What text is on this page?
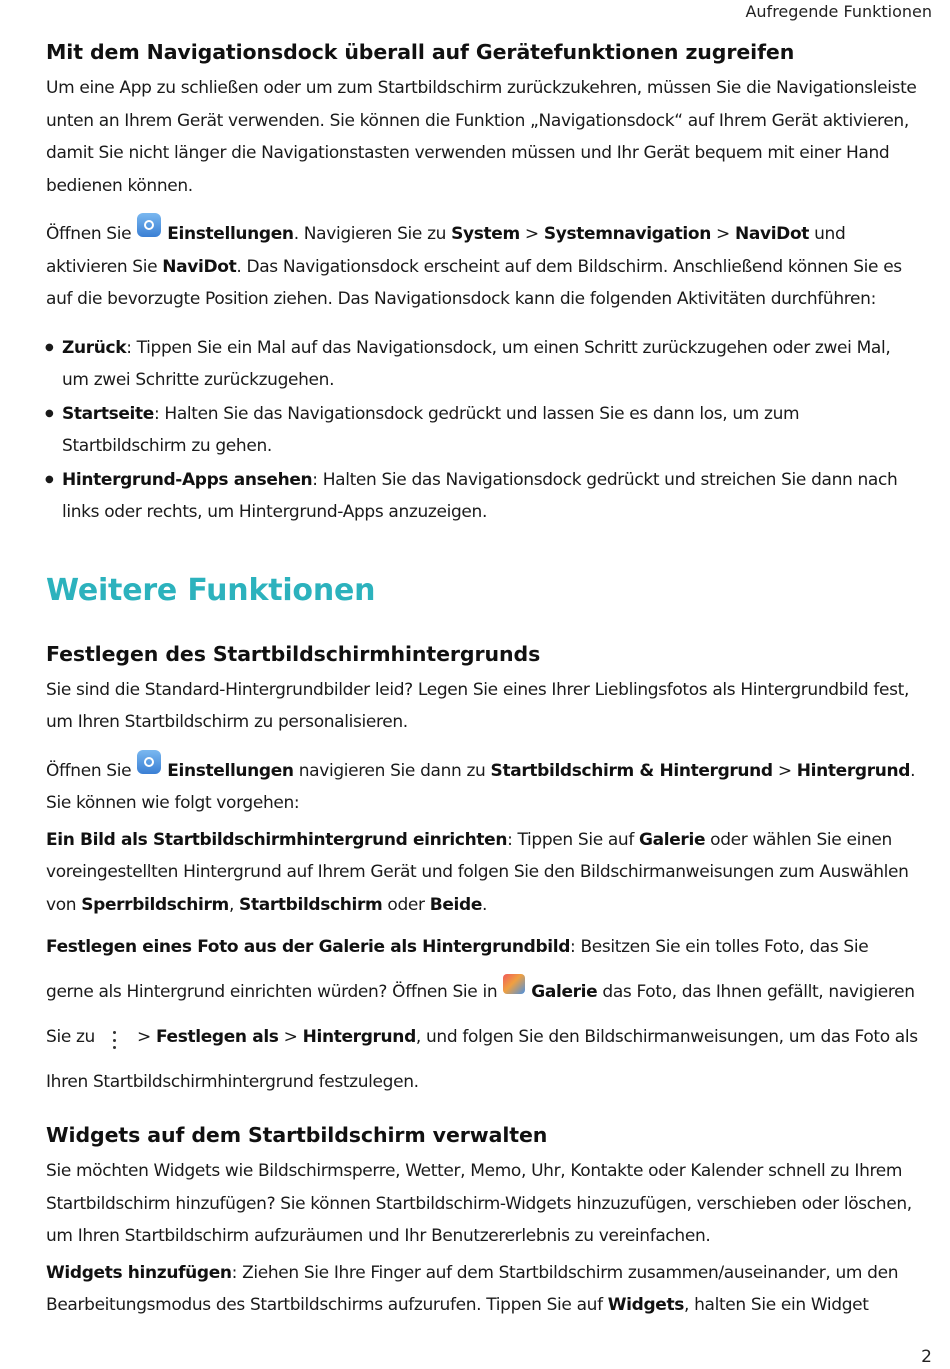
Aufregende Funktionen
Mit dem Navigationsdock überall auf Gerätefunktionen zugreifen

Um eine App zu schließen oder um zum Startbildschirm zurückzukehren, müssen Sie die Navigationsleiste unten an Ihrem Gerät verwenden. Sie können die Funktion „Navigationsdock“ auf Ihrem Gerät aktivieren, damit Sie nicht länger die Navigationstasten verwenden müssen und Ihr Gerät bequem mit einer Hand bedienen können.

Öffnen Sie Einstellungen. Navigieren Sie zu System > Systemnavigation > NaviDot und aktivieren Sie NaviDot. Das Navigationsdock erscheint auf dem Bildschirm. Anschließend können Sie es auf die bevorzugte Position ziehen. Das Navigationsdock kann die folgenden Aktivitäten durchführen:

● Zurück: Tippen Sie ein Mal auf das Navigationsdock, um einen Schritt zurückzugehen oder zwei Mal, um zwei Schritte zurückzugehen.
● Startseite: Halten Sie das Navigationsdock gedrückt und lassen Sie es dann los, um zum Startbildschirm zu gehen.
● Hintergrund-Apps ansehen: Halten Sie das Navigationsdock gedrückt und streichen Sie dann nach links oder rechts, um Hintergrund-Apps anzuzeigen.
Weitere Funktionen
Festlegen des Startbildschirmhintergrunds

Sie sind die Standard-Hintergrundbilder leid? Legen Sie eines Ihrer Lieblingsfotos als Hintergrundbild fest, um Ihren Startbildschirm zu personalisieren.

Öffnen Sie Einstellungen navigieren Sie dann zu Startbildschirm & Hintergrund > Hintergrund. Sie können wie folgt vorgehen:

Ein Bild als Startbildschirmhintergrund einrichten: Tippen Sie auf Galerie oder wählen Sie einen voreingestellten Hintergrund auf Ihrem Gerät und folgen Sie den Bildschirmanweisungen zum Auswählen von Sperrbildschirm, Startbildschirm oder Beide.

Festlegen eines Foto aus der Galerie als Hintergrundbild: Besitzen Sie ein tolles Foto, das Sie gerne als Hintergrund einrichten würden? Öffnen Sie in Galerie das Foto, das Ihnen gefällt, navigieren Sie zu > Festlegen als > Hintergrund, und folgen Sie den Bildschirmanweisungen, um das Foto als Ihren Startbildschirmhintergrund festzulegen.

Widgets auf dem Startbildschirm verwalten

Sie möchten Widgets wie Bildschirmsperre, Wetter, Memo, Uhr, Kontakte oder Kalender schnell zu Ihrem Startbildschirm hinzufügen? Sie können Startbildschirm-Widgets hinzuzufügen, verschieben oder löschen, um Ihren Startbildschirm aufzuräumen und Ihr Benutzererlebnis zu vereinfachen.

Widgets hinzufügen: Ziehen Sie Ihre Finger auf dem Startbildschirm zusammen/auseinander, um den Bearbeitungsmodus des Startbildschirms aufzurufen. Tippen Sie auf Widgets, halten Sie ein Widget

2
